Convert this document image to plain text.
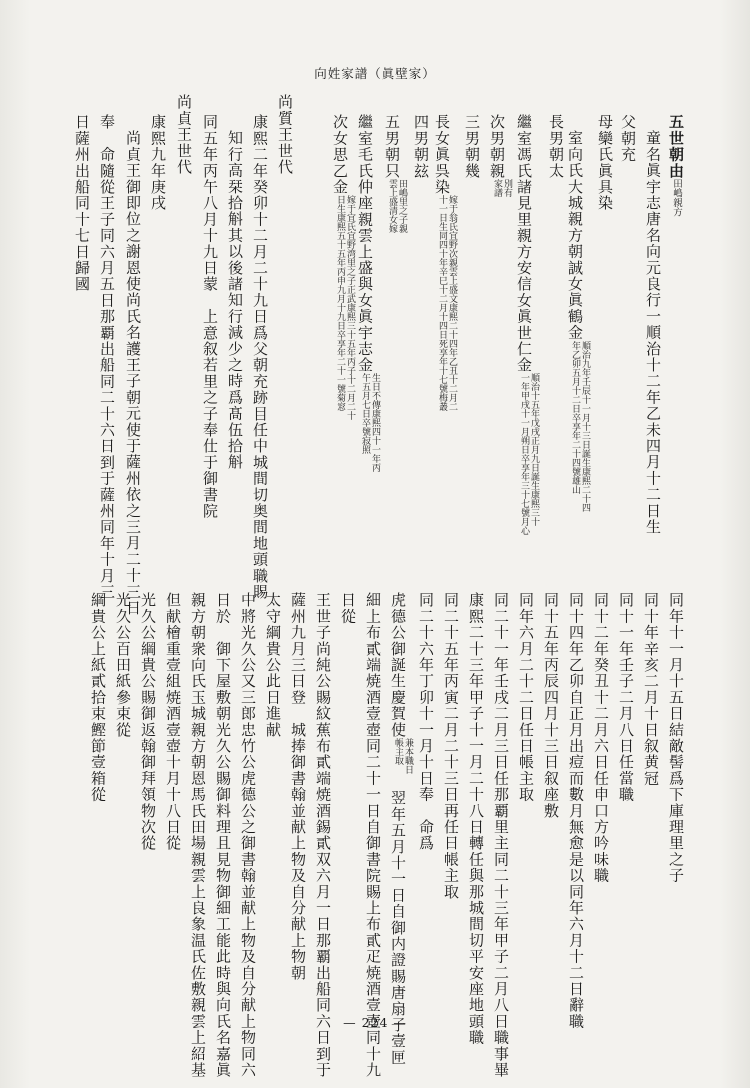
向姓家譜（眞壁家）
五世朝由$^{田嶋親方}$
童名眞宇志唐名向元良行一順治十二年乙未四月十二日生
父朝充
母欒氏眞具染
室向氏大城親方朝誠女眞鶴金順治九年壬辰十一月十三日誕生康熙二十四
年乙卯五月十二日卒享年二十四號雄山
長男朝太
繼室馮氏諸見里親方安信女眞世仁金順治十五年戊戌正月九日誕生康熙三十
一年甲戌十一月朔日卒享年三十七號月心
次男朝親別有
家譜
三男朝幾
長女眞呉染嫁于翁氏宜野次親雲上盛文康熙二十四年乙丑十二月二
十一日生同四十年辛巳十二月十四日死享年十七號梅叢
四男朝玆
五男朝只田嶋里之子親
雲上盛清女嫁
繼室毛氏仲座親雲上盛與女眞宇志金生日不傳康熙四十一年丙
午五月七日卒號寂照
次女思乙金嫁于宜氏宜野湾里之子正武康熙三十五年丙子十二月二十
日生康熙五十五年丙申九月十九日卒享年二十一號菊窓
尚質王世代
康熙二年癸卯十二月二十九日爲父朝充跡目任中城間切奥間地頭職賜
知行高栞拾斛其以後諸知行減少之時爲髙伍拾斛
同五年丙午八月十九日蒙　上意叙若里之子奉仕于御書院
尚貞王世代
康熙九年庚戌
尚貞王御即位之謝恩使尚氏名護王子朝元使于薩州依之三月二十三日
奉　命隨從王子同六月五日那覇出船同二十六日到于薩州同年十月三
日薩州出船同十七日歸國
同年十一月十五日結敵髻爲下庫理里之子
同十年辛亥二月十日叙黄冠
同十一年壬子二月八日任當職
同十二年癸丑十二月六日任申口方吟味職
同十四年乙卯自正月出痘而數月無愈是以同年六月十二日辭職
同十五年丙辰四月十三日叙座敷
同年六月二十二日任日帳主取
同二十一年壬戌二月三日任那覇里主同二十三年甲子二月八日職事畢
康熙二十三年甲子十一月二十八日轉任與那城間切平安座地頭職
同二十五年丙寅二月二十三日再任日帳主取
同二十六年丁卯十一月十日奉　命爲
虎德公御誕生慶賀使兼本職日
帳主取　翌年五月十一日自御内證賜唐扇子壹匣
細上布貳端焼酒壹壺同二十一日自御書院賜上布貳疋焼酒壹壺同十九
日從
王世子尚純公賜紋蕉布貳端焼酒錫貳双六月一日那覇出船同六日到于
薩州九月三日登　城捧御書翰並献上物及自分献上物朝
太守綱貴公此日進献
中將光久公又三郎忠竹公虎德公之御書翰並献上物及自分献上物同六
日於　御下屋敷朝光久公賜御料理且見物御細工能此時與向氏名嘉眞
親方朝衆向氏玉城親方朝恩馬氏田場親雲上良象温氏佐敷親雲上紹基
但献檜重壹組焼酒壹壺十月十八日從
光久公綱貴公賜御返翰御拜領物次從
光久公百田紙參束從
綱貴公上紙貳拾束鰹節壹箱從
— 224 —
